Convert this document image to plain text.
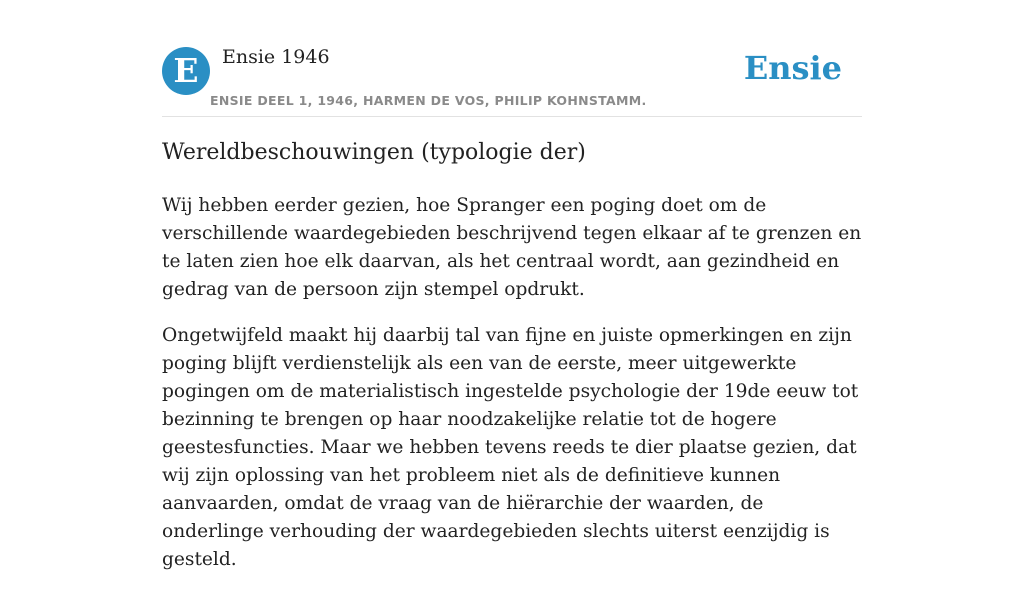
E	Ensie 1946
ENSIE DEEL 1, 1946, HARMEN DE VOS, PHILIP KOHNSTAMM.
Ensie
Wereldbeschouwingen (typologie der)

Wij hebben eerder gezien, hoe Spranger een poging doet om de verschillende waardegebieden beschrijvend tegen elkaar af te grenzen en te laten zien hoe elk daarvan, als het centraal wordt, aan gezindheid en gedrag van de persoon zijn stempel opdrukt.

Ongetwijfeld maakt hij daarbij tal van fijne en juiste opmerkingen en zijn poging blijft verdienstelijk als een van de eerste, meer uitgewerkte pogingen om de materialistisch ingestelde psychologie der 19de eeuw tot bezinning te brengen op haar noodzakelijke relatie tot de hogere geestesfuncties. Maar we hebben tevens reeds te dier plaatse gezien, dat wij zijn oplossing van het probleem niet als de definitieve kunnen aanvaarden, omdat de vraag van de hiërarchie der waarden, de onderlinge verhouding der waardegebieden slechts uiterst eenzijdig is gesteld.
